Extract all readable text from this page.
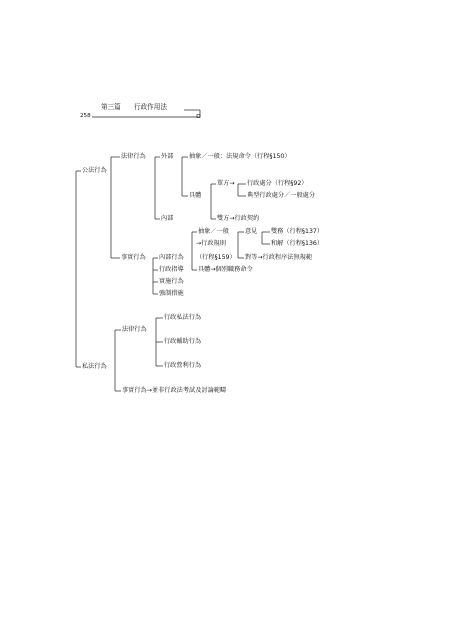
第三篇 行政作用法
258
公法行為
私法行為
法律行為 外部
內部
抽象／一般：法規命令（行程§150）
具體
單方→ 行政處分（行程§92）
典型行政處分／一般處分
雙方→行政契約
事實行為 內部行為
抽象／一般
→行政規則
（行程§159）
具體→個別職務命令
行政指導
實施行為
強制措施
意見 雙務（行程§137）
和解（行程§136）
對等→行政程序法無規範
法律行為
行政私法行為
行政輔助行為
行政營利行為
事實行為→並非行政法考試及討論範疇
